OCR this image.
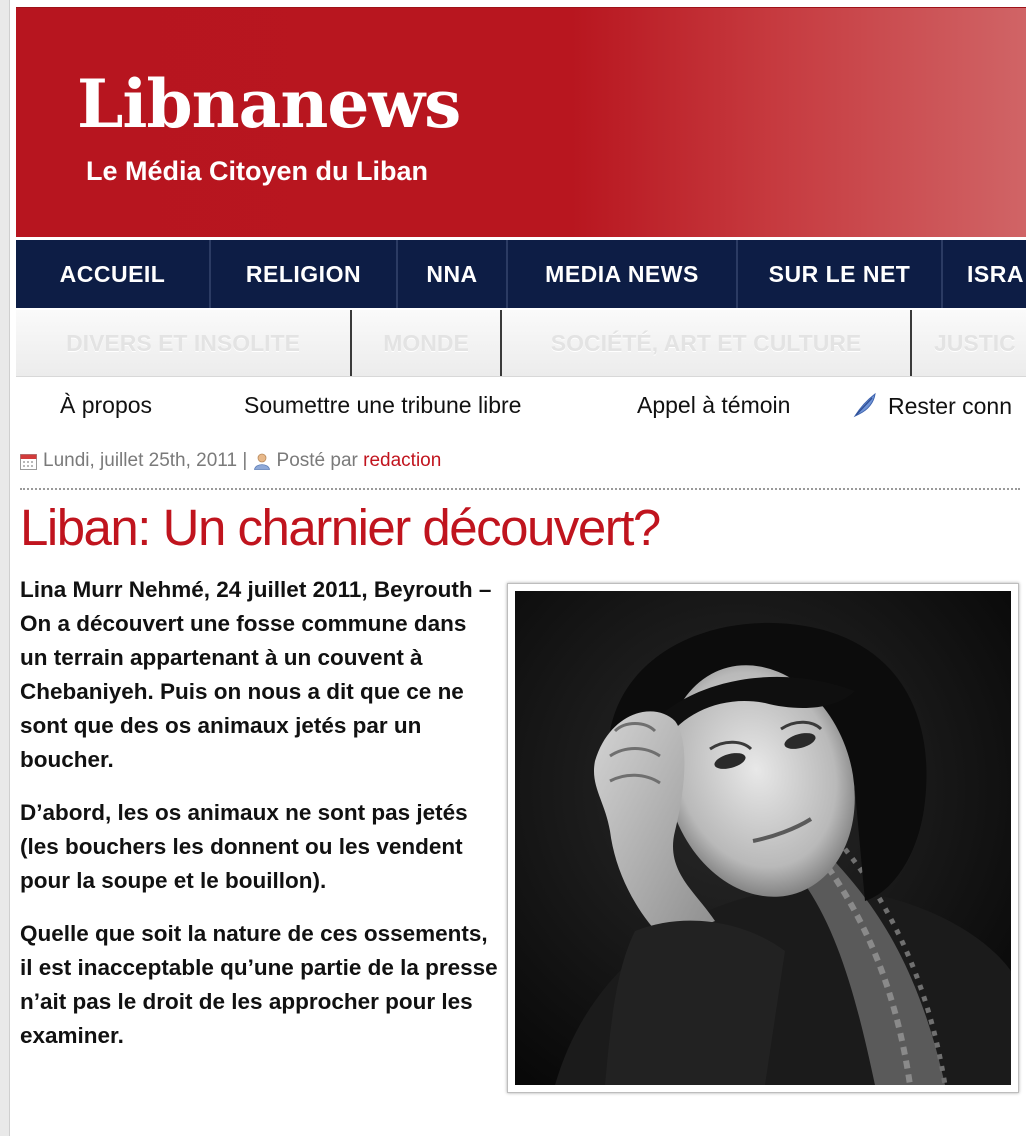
Libnanews
Le Média Citoyen du Liban
ACCUEIL	RELIGION	NNA	MEDIA NEWS	SUR LE NET	ISRA
DIVERS ET INSOLITE	MONDE	SOCIÉTÉ, ART ET CULTURE	JUSTIC
À propos	Soumettre une tribune libre	Appel à témoin	Rester conn
Lundi, juillet 25th, 2011 | Posté par redaction
Liban: Un charnier découvert?

Lina Murr Nehmé, 24 juillet 2011, Beyrouth – On a découvert une fosse commune dans un terrain appartenant à un couvent à Chebaniyeh. Puis on nous a dit que ce ne sont que des os animaux jetés par un boucher.

D’abord, les os animaux ne sont pas jetés (les bouchers les donnent ou les vendent pour la soupe et le bouillon).

Quelle que soit la nature de ces ossements, il est inacceptable qu’une partie de la presse n’ait pas le droit de les approcher pour les examiner.
